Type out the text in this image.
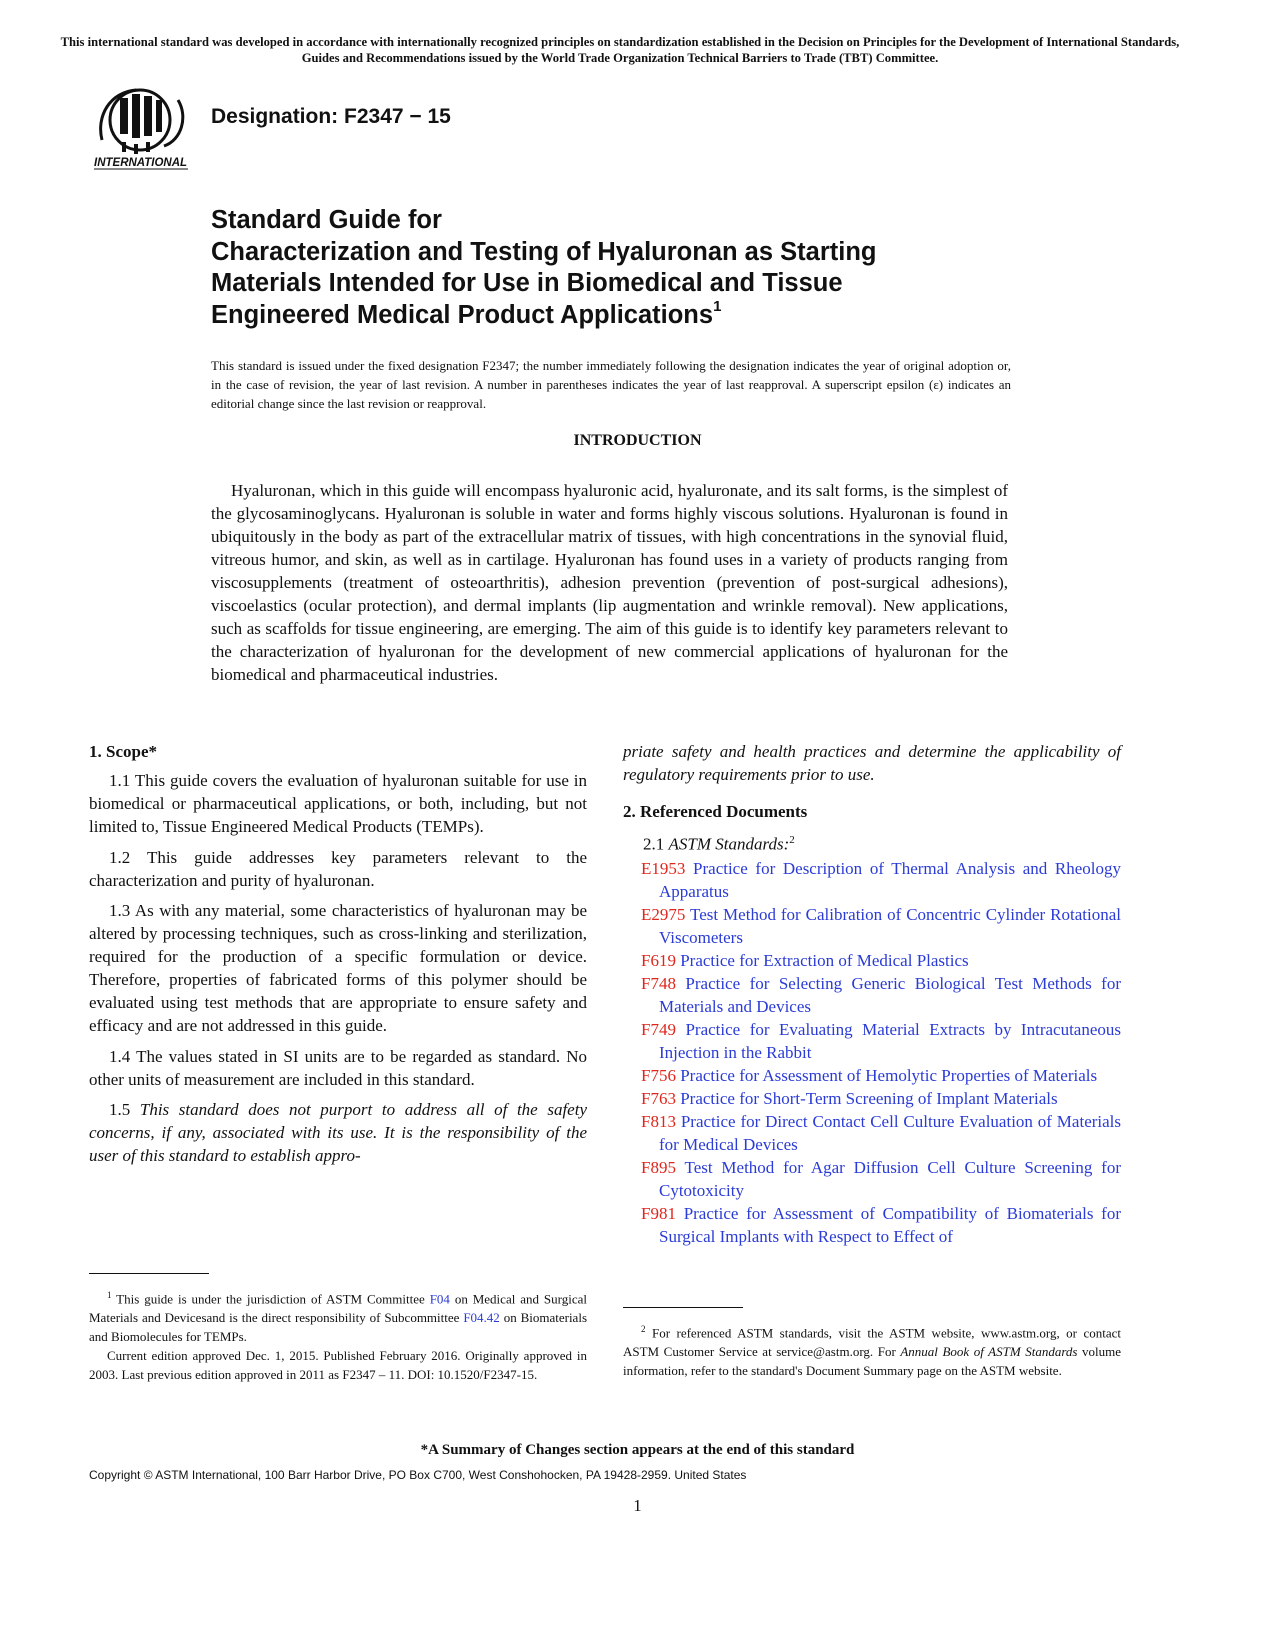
This international standard was developed in accordance with internationally recognized principles on standardization established in the Decision on Principles for the Development of International Standards, Guides and Recommendations issued by the World Trade Organization Technical Barriers to Trade (TBT) Committee.
INTERNATIONAL
Designation: F2347 − 15
Standard Guide for
Characterization and Testing of Hyaluronan as Starting
Materials Intended for Use in Biomedical and Tissue
Engineered Medical Product Applications$^1$
This standard is issued under the fixed designation F2347; the number immediately following the designation indicates the year of original adoption or, in the case of revision, the year of last revision. A number in parentheses indicates the year of last reapproval. A superscript epsilon (ε) indicates an editorial change since the last revision or reapproval.
INTRODUCTION
Hyaluronan, which in this guide will encompass hyaluronic acid, hyaluronate, and its salt forms, is the simplest of the glycosaminoglycans. Hyaluronan is soluble in water and forms highly viscous solutions. Hyaluronan is found in ubiquitously in the body as part of the extracellular matrix of tissues, with high concentrations in the synovial fluid, vitreous humor, and skin, as well as in cartilage. Hyaluronan has found uses in a variety of products ranging from viscosupplements (treatment of osteoarthritis), adhesion prevention (prevention of post-surgical adhesions), viscoelastics (ocular protection), and dermal implants (lip augmentation and wrinkle removal). New applications, such as scaffolds for tissue engineering, are emerging. The aim of this guide is to identify key parameters relevant to the characterization of hyaluronan for the development of new commercial applications of hyaluronan for the biomedical and pharmaceutical industries.
1. Scope*

1.1 This guide covers the evaluation of hyaluronan suitable for use in biomedical or pharmaceutical applications, or both, including, but not limited to, Tissue Engineered Medical Products (TEMPs).

1.2 This guide addresses key parameters relevant to the characterization and purity of hyaluronan.

1.3 As with any material, some characteristics of hyaluronan may be altered by processing techniques, such as cross-linking and sterilization, required for the production of a specific formulation or device. Therefore, properties of fabricated forms of this polymer should be evaluated using test methods that are appropriate to ensure safety and efficacy and are not addressed in this guide.

1.4 The values stated in SI units are to be regarded as standard. No other units of measurement are included in this standard.

1.5 This standard does not purport to address all of the safety concerns, if any, associated with its use. It is the responsibility of the user of this standard to establish appro-

priate safety and health practices and determine the applicability of regulatory requirements prior to use.

2. Referenced Documents
2.1 ASTM Standards:$^2$

E1953 Practice for Description of Thermal Analysis and Rheology Apparatus

E2975 Test Method for Calibration of Concentric Cylinder Rotational Viscometers

F619 Practice for Extraction of Medical Plastics

F748 Practice for Selecting Generic Biological Test Methods for Materials and Devices

F749 Practice for Evaluating Material Extracts by Intracutaneous Injection in the Rabbit

F756 Practice for Assessment of Hemolytic Properties of Materials

F763 Practice for Short-Term Screening of Implant Materials

F813 Practice for Direct Contact Cell Culture Evaluation of Materials for Medical Devices

F895 Test Method for Agar Diffusion Cell Culture Screening for Cytotoxicity

F981 Practice for Assessment of Compatibility of Biomaterials for Surgical Implants with Respect to Effect of

$^1$ This guide is under the jurisdiction of ASTM Committee F04 on Medical and Surgical Materials and Devicesand is the direct responsibility of Subcommittee F04.42 on Biomaterials and Biomolecules for TEMPs.

Current edition approved Dec. 1, 2015. Published February 2016. Originally approved in 2003. Last previous edition approved in 2011 as F2347 – 11. DOI: 10.1520/F2347-15.

$^2$ For referenced ASTM standards, visit the ASTM website, www.astm.org, or contact ASTM Customer Service at service@astm.org. For Annual Book of ASTM Standards volume information, refer to the standard's Document Summary page on the ASTM website.

*A Summary of Changes section appears at the end of this standard
Copyright © ASTM International, 100 Barr Harbor Drive, PO Box C700, West Conshohocken, PA 19428-2959. United States
1
